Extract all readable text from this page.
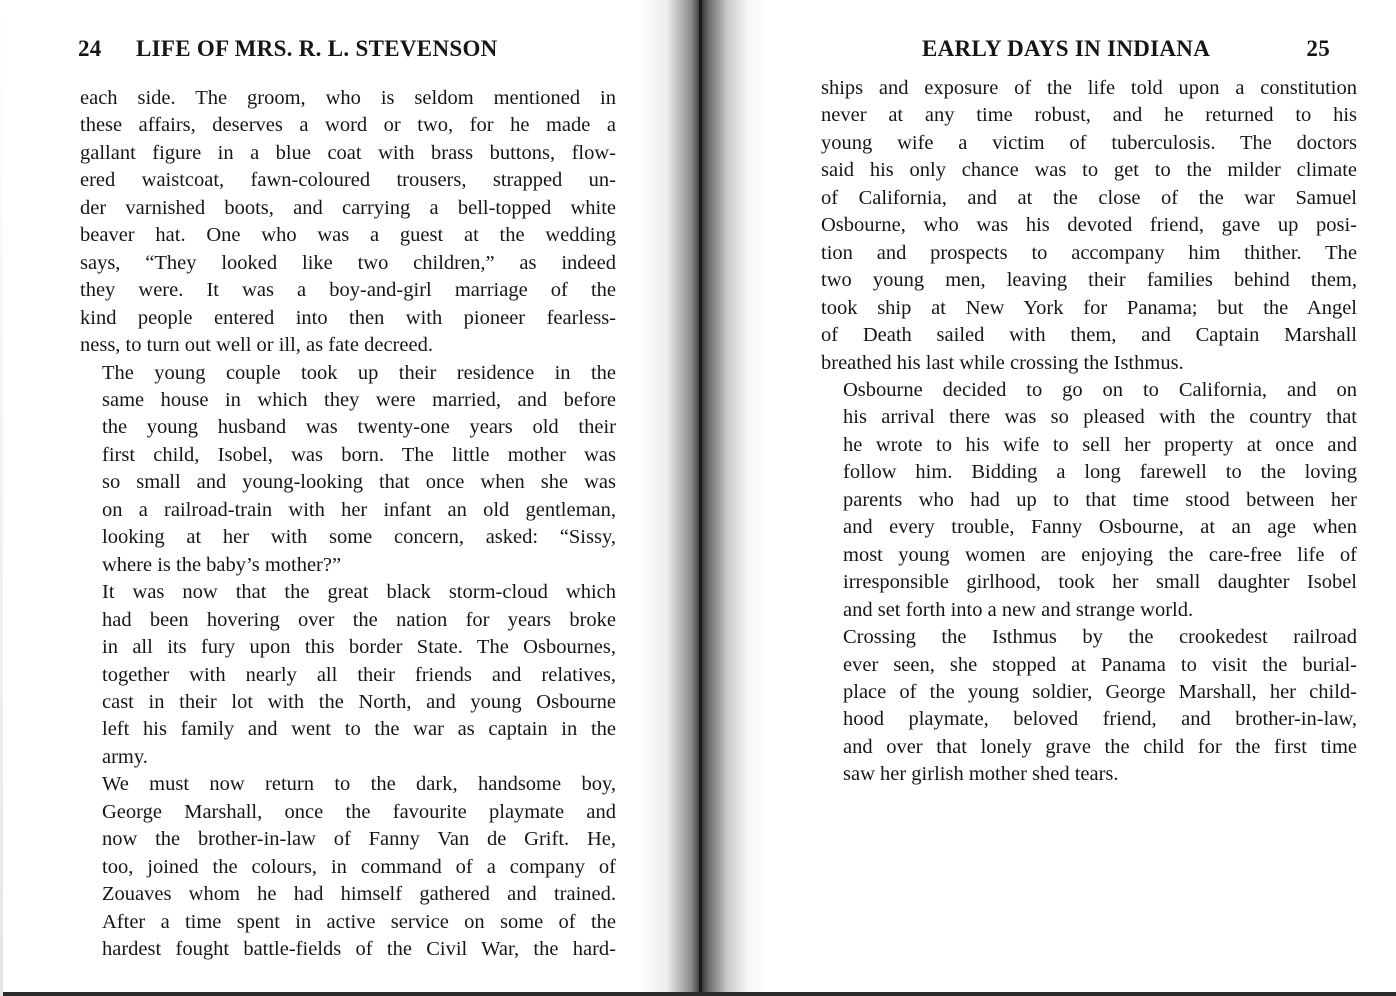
24 LIFE OF MRS. R. L. STEVENSON

each side. The groom, who is seldom mentioned in
these affairs, deserves a word or two, for he made a
gallant figure in a blue coat with brass buttons, flow-
ered waistcoat, fawn-coloured trousers, strapped un-
der varnished boots, and carrying a bell-topped white
beaver hat. One who was a guest at the wedding
says, “They looked like two children,” as indeed
they were. It was a boy-and-girl marriage of the
kind people entered into then with pioneer fearless-
ness, to turn out well or ill, as fate decreed.

The young couple took up their residence in the
same house in which they were married, and before
the young husband was twenty-one years old their
first child, Isobel, was born. The little mother was
so small and young-looking that once when she was
on a railroad-train with her infant an old gentleman,
looking at her with some concern, asked: “Sissy,
where is the baby’s mother?”

It was now that the great black storm-cloud which
had been hovering over the nation for years broke
in all its fury upon this border State. The Osbournes,
together with nearly all their friends and relatives,
cast in their lot with the North, and young Osbourne
left his family and went to the war as captain in the
army.

We must now return to the dark, handsome boy,
George Marshall, once the favourite playmate and
now the brother-in-law of Fanny Van de Grift. He,
too, joined the colours, in command of a company of
Zouaves whom he had himself gathered and trained.
After a time spent in active service on some of the
hardest fought battle-fields of the Civil War, the hard-

EARLY DAYS IN INDIANA	25

ships and exposure of the life told upon a constitution
never at any time robust, and he returned to his
young wife a victim of tuberculosis. The doctors
said his only chance was to get to the milder climate
of California, and at the close of the war Samuel
Osbourne, who was his devoted friend, gave up posi-
tion and prospects to accompany him thither. The
two young men, leaving their families behind them,
took ship at New York for Panama; but the Angel
of Death sailed with them, and Captain Marshall
breathed his last while crossing the Isthmus.

Osbourne decided to go on to California, and on
his arrival there was so pleased with the country that
he wrote to his wife to sell her property at once and
follow him. Bidding a long farewell to the loving
parents who had up to that time stood between her
and every trouble, Fanny Osbourne, at an age when
most young women are enjoying the care-free life of
irresponsible girlhood, took her small daughter Isobel
and set forth into a new and strange world.

Crossing the Isthmus by the crookedest railroad
ever seen, she stopped at Panama to visit the burial-
place of the young soldier, George Marshall, her child-
hood playmate, beloved friend, and brother-in-law,
and over that lonely grave the child for the first time
saw her girlish mother shed tears.
